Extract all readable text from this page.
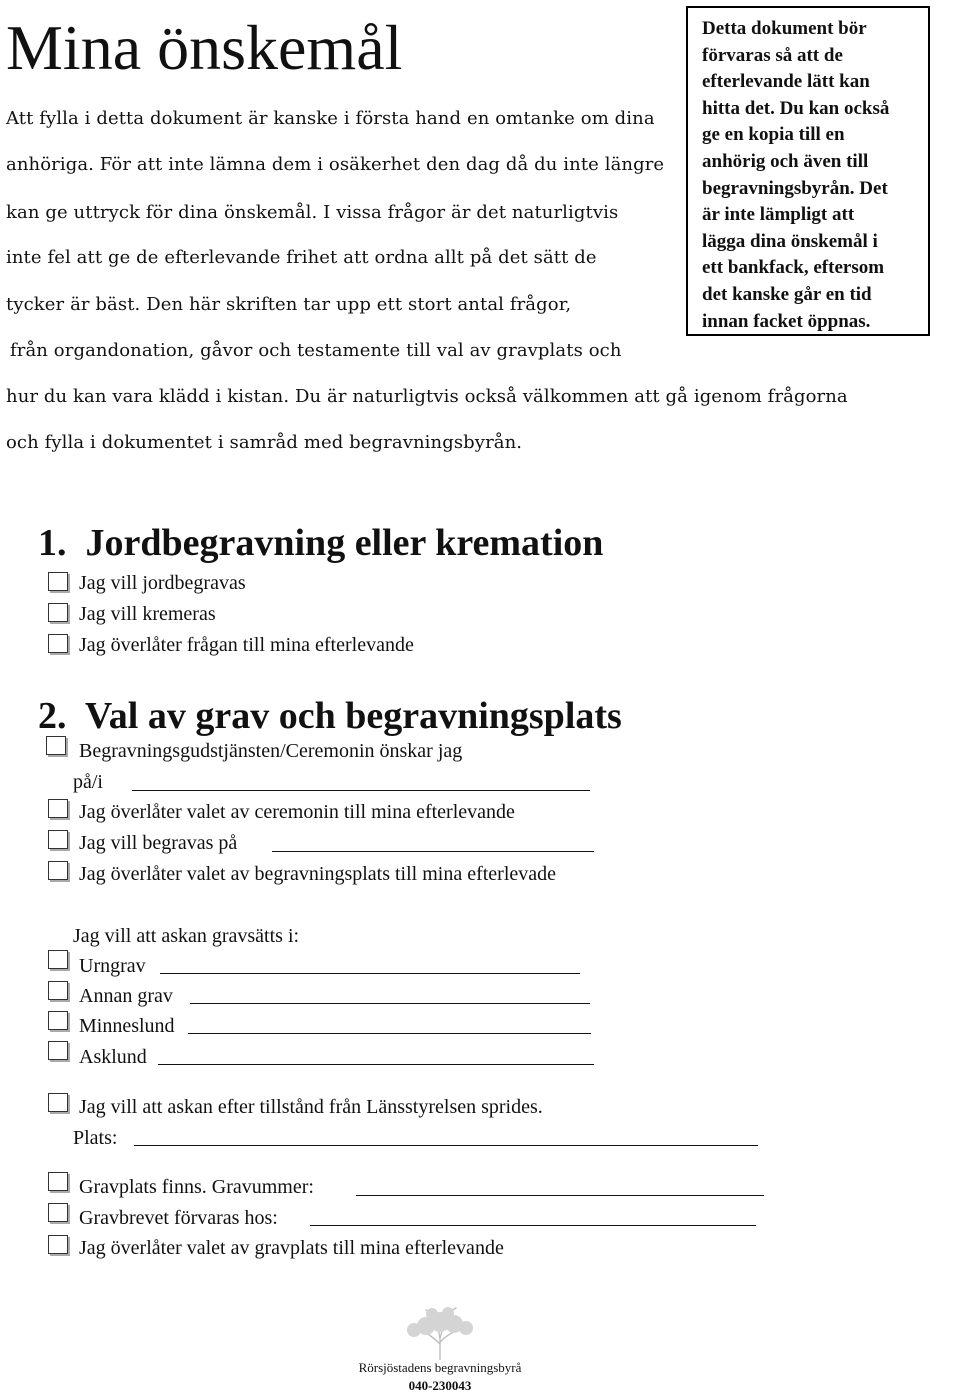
Mina önskemål
Att fylla i detta dokument är kanske i första hand en omtanke om dina
anhöriga. För att inte lämna dem i osäkerhet den dag då du inte längre
kan ge uttryck för dina önskemål. I vissa frågor är det naturligtvis
inte fel att ge de efterlevande frihet att ordna allt på det sätt de
tycker är bäst. Den här skriften tar upp ett stort antal frågor,
från organdonation, gåvor och testamente till val av gravplats och
hur du kan vara klädd i kistan. Du är naturligtvis också välkommen att gå igenom frågorna
och fylla i dokumentet i samråd med begravningsbyrån.
Detta dokument bör
förvaras så att de
efterlevande lätt kan
hitta det. Du kan också
ge en kopia till en
anhörig och även till
begravningsbyrån. Det
är inte lämpligt att
lägga dina önskemål i
ett bankfack, eftersom
det kanske går en tid
innan facket öppnas.
1. Jordbegravning eller kremation
Jag vill jordbegravas
Jag vill kremeras
Jag överlåter frågan till mina efterlevande
2. Val av grav och begravningsplats
Begravningsgudstjänsten/Ceremonin önskar jag
på/i
Jag överlåter valet av ceremonin till mina efterlevande
Jag vill begravas på
Jag överlåter valet av begravningsplats till mina efterlevade
Jag vill att askan gravsätts i:
Urngrav
Annan grav
Minneslund
Asklund
Jag vill att askan efter tillstånd från Länsstyrelsen sprides.
Plats:
Gravplats finns. Gravummer:
Gravbrevet förvaras hos:
Jag överlåter valet av gravplats till mina efterlevande
Rörsjöstadens begravningsbyrå
040-230043
